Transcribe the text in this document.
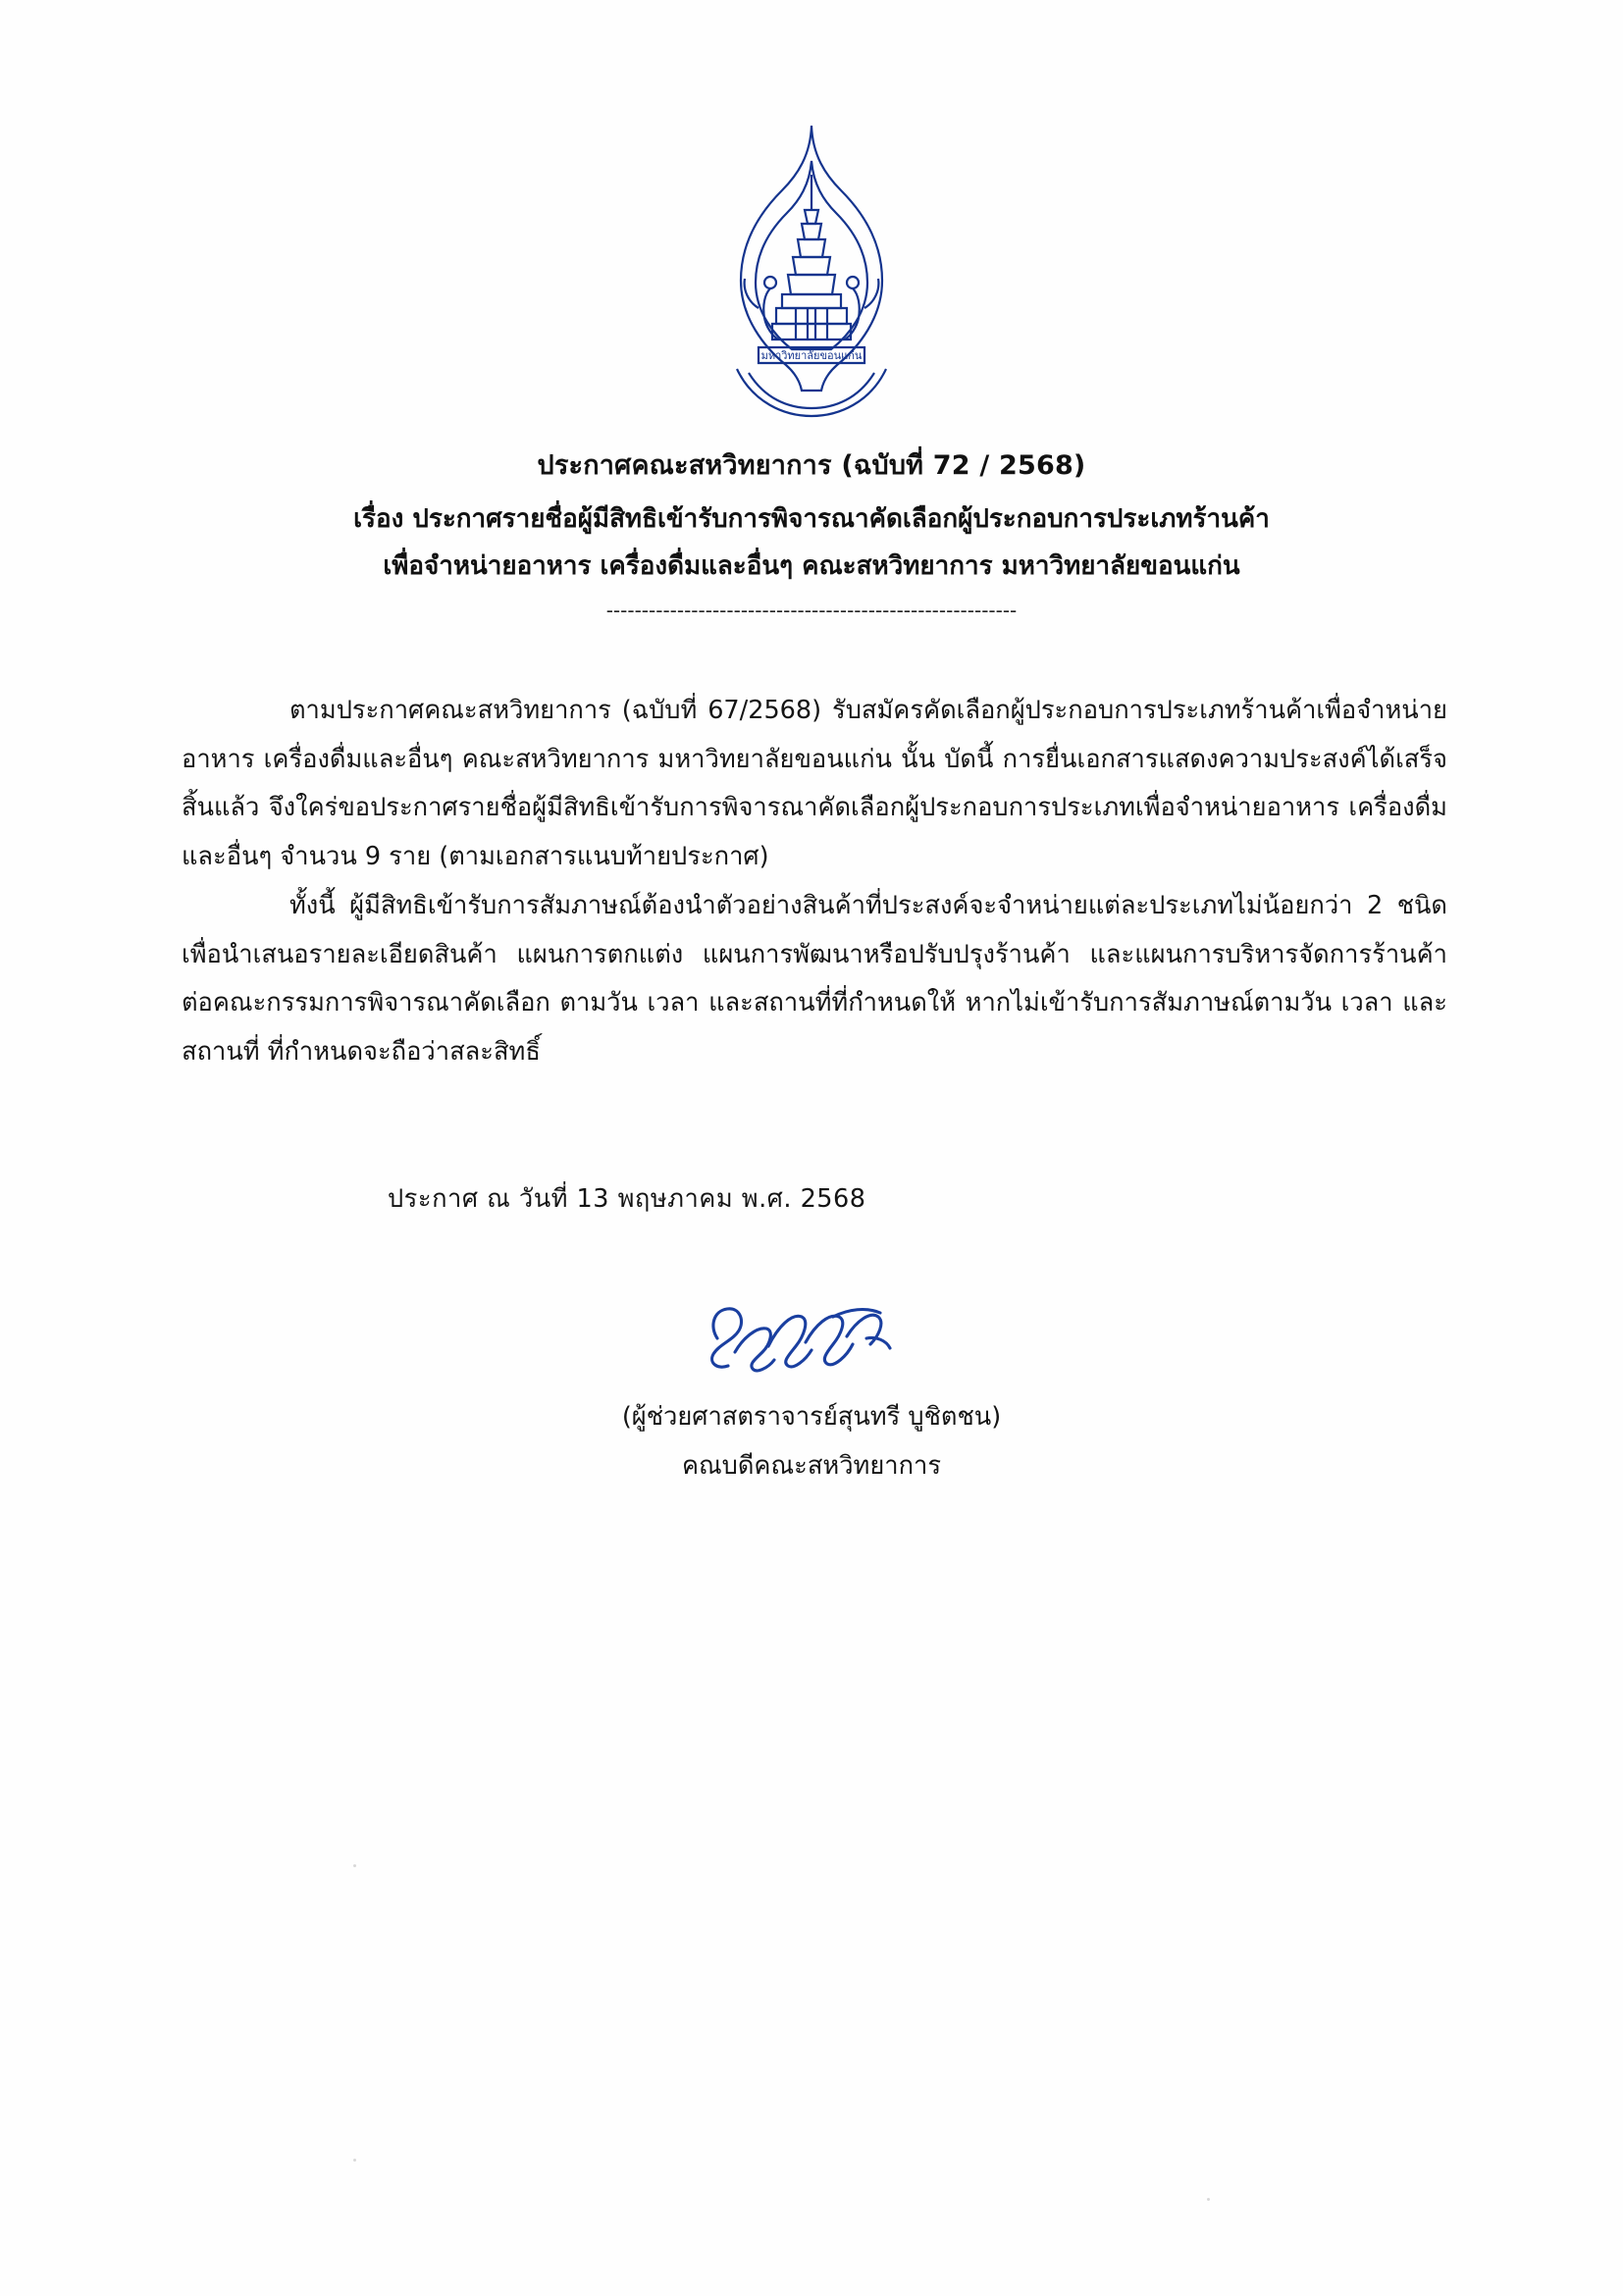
มหาวิทยาลัยขอนแก่น
ประกาศคณะสหวิทยาการ (ฉบับที่ 72 / 2568)
เรื่อง ประกาศรายชื่อผู้มีสิทธิเข้ารับการพิจารณาคัดเลือกผู้ประกอบการประเภทร้านค้า
เพื่อจำหน่ายอาหาร เครื่องดื่มและอื่นๆ คณะสหวิทยาการ มหาวิทยาลัยขอนแก่น
----------------------------------------------------------

ตามประกาศคณะสหวิทยาการ (ฉบับที่ 67/2568) รับสมัครคัดเลือกผู้ประกอบการประเภทร้านค้าเพื่อจำหน่ายอาหาร เครื่องดื่มและอื่นๆ คณะสหวิทยาการ มหาวิทยาลัยขอนแก่น นั้น บัดนี้ การยื่นเอกสารแสดงความประสงค์ได้เสร็จสิ้นแล้ว จึงใคร่ขอประกาศรายชื่อผู้มีสิทธิเข้ารับการพิจารณาคัดเลือกผู้ประกอบการประเภทเพื่อจำหน่ายอาหาร เครื่องดื่มและอื่นๆ จำนวน 9 ราย (ตามเอกสารแนบท้ายประกาศ)

ทั้งนี้ ผู้มีสิทธิเข้ารับการสัมภาษณ์ต้องนำตัวอย่างสินค้าที่ประสงค์จะจำหน่ายแต่ละประเภทไม่น้อยกว่า 2 ชนิด เพื่อนำเสนอรายละเอียดสินค้า แผนการตกแต่ง แผนการพัฒนาหรือปรับปรุงร้านค้า และแผนการบริหารจัดการร้านค้า ต่อคณะกรรมการพิจารณาคัดเลือก ตามวัน เวลา และสถานที่ที่กำหนดให้ หากไม่เข้ารับการสัมภาษณ์ตามวัน เวลา และสถานที่ ที่กำหนดจะถือว่าสละสิทธิ์

ประกาศ ณ วันที่ 13 พฤษภาคม พ.ศ. 2568
(ผู้ช่วยศาสตราจารย์สุนทรี บูชิตชน)
คณบดีคณะสหวิทยาการ
